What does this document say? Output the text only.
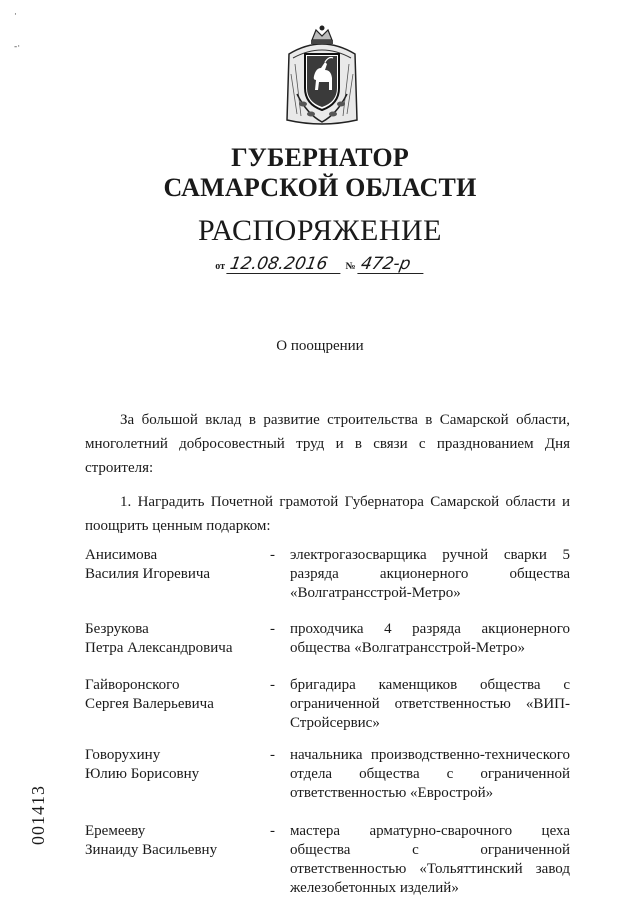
·
-·
ГУБЕРНАТОР
САМАРСКОЙ ОБЛАСТИ
РАСПОРЯЖЕНИЕ
от 12.08.2016 № 472-р
О поощрении
За большой вклад в развитие строительства в Самарской области, многолетний добросовестный труд и в связи с празднованием Дня строителя:
1. Наградить Почетной грамотой Губернатора Самарской области и поощрить ценным подарком:
Анисимова
Василия Игоревича
-	электрогазосварщика ручной сварки 5 разряда акционерного общества «Волгатрансстрой-Метро»
Безрукова
Петра Александровича
-	проходчика 4 разряда акционерного общества «Волгатрансстрой-Метро»
Гайворонского
Сергея Валерьевича
-	бригадира каменщиков общества с ограниченной ответственностью «ВИП-Стройсервис»
Говорухину
Юлию Борисовну
-	начальника производственно-технического отдела общества с ограниченной ответственностью «Еврострой»
Еремееву
Зинаиду Васильевну
-	мастера арматурно-сварочного цеха общества с ограниченной ответственностью «Тольяттинский завод железобетонных изделий»
001413
